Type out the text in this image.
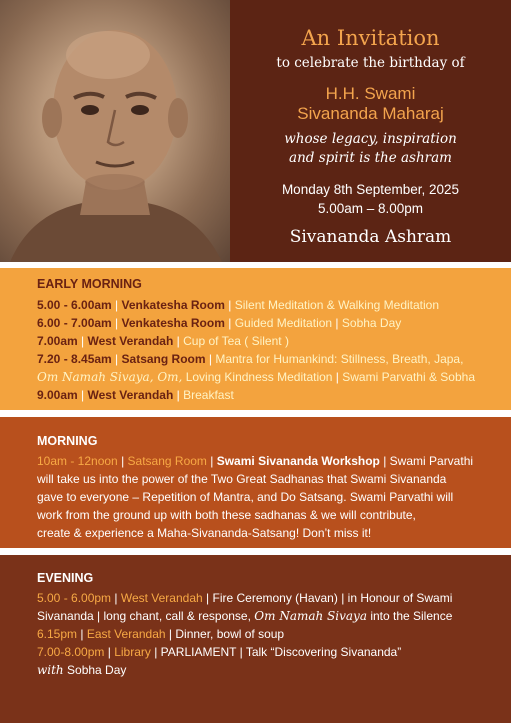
An Invitation
to celebrate the birthday of
H.H. Swami
Sivananda Maharaj
whose legacy, inspiration
and spirit is the ashram
Monday 8th September, 2025
5.00am – 8.00pm
Sivananda Ashram
EARLY MORNING
5.00 - 6.00am | Venkatesha Room | Silent Meditation & Walking Meditation
6.00 - 7.00am | Venkatesha Room | Guided Meditation | Sobha Day
7.00am | West Verandah | Cup of Tea ( Silent )
7.20 - 8.45am | Satsang Room | Mantra for Humankind: Stillness, Breath, Japa,
Om Namah Sivaya, Om, Loving Kindness Meditation | Swami Parvathi & Sobha
9.00am | West Verandah | Breakfast
MORNING
10am - 12noon | Satsang Room | Swami Sivananda Workshop | Swami Parvathi
will take us into the power of the Two Great Sadhanas that Swami Sivananda
gave to everyone – Repetition of Mantra, and Do Satsang. Swami Parvathi will
work from the ground up with both these sadhanas & we will contribute,
create & experience a Maha-Sivananda-Satsang! Don’t miss it!
EVENING
5.00 - 6.00pm | West Verandah | Fire Ceremony (Havan) | in Honour of Swami
Sivananda | long chant, call & response, Om Namah Sivaya into the Silence
6.15pm | East Verandah | Dinner, bowl of soup
7.00-8.00pm | Library | PARLIAMENT | Talk “Discovering Sivananda”
with Sobha Day
